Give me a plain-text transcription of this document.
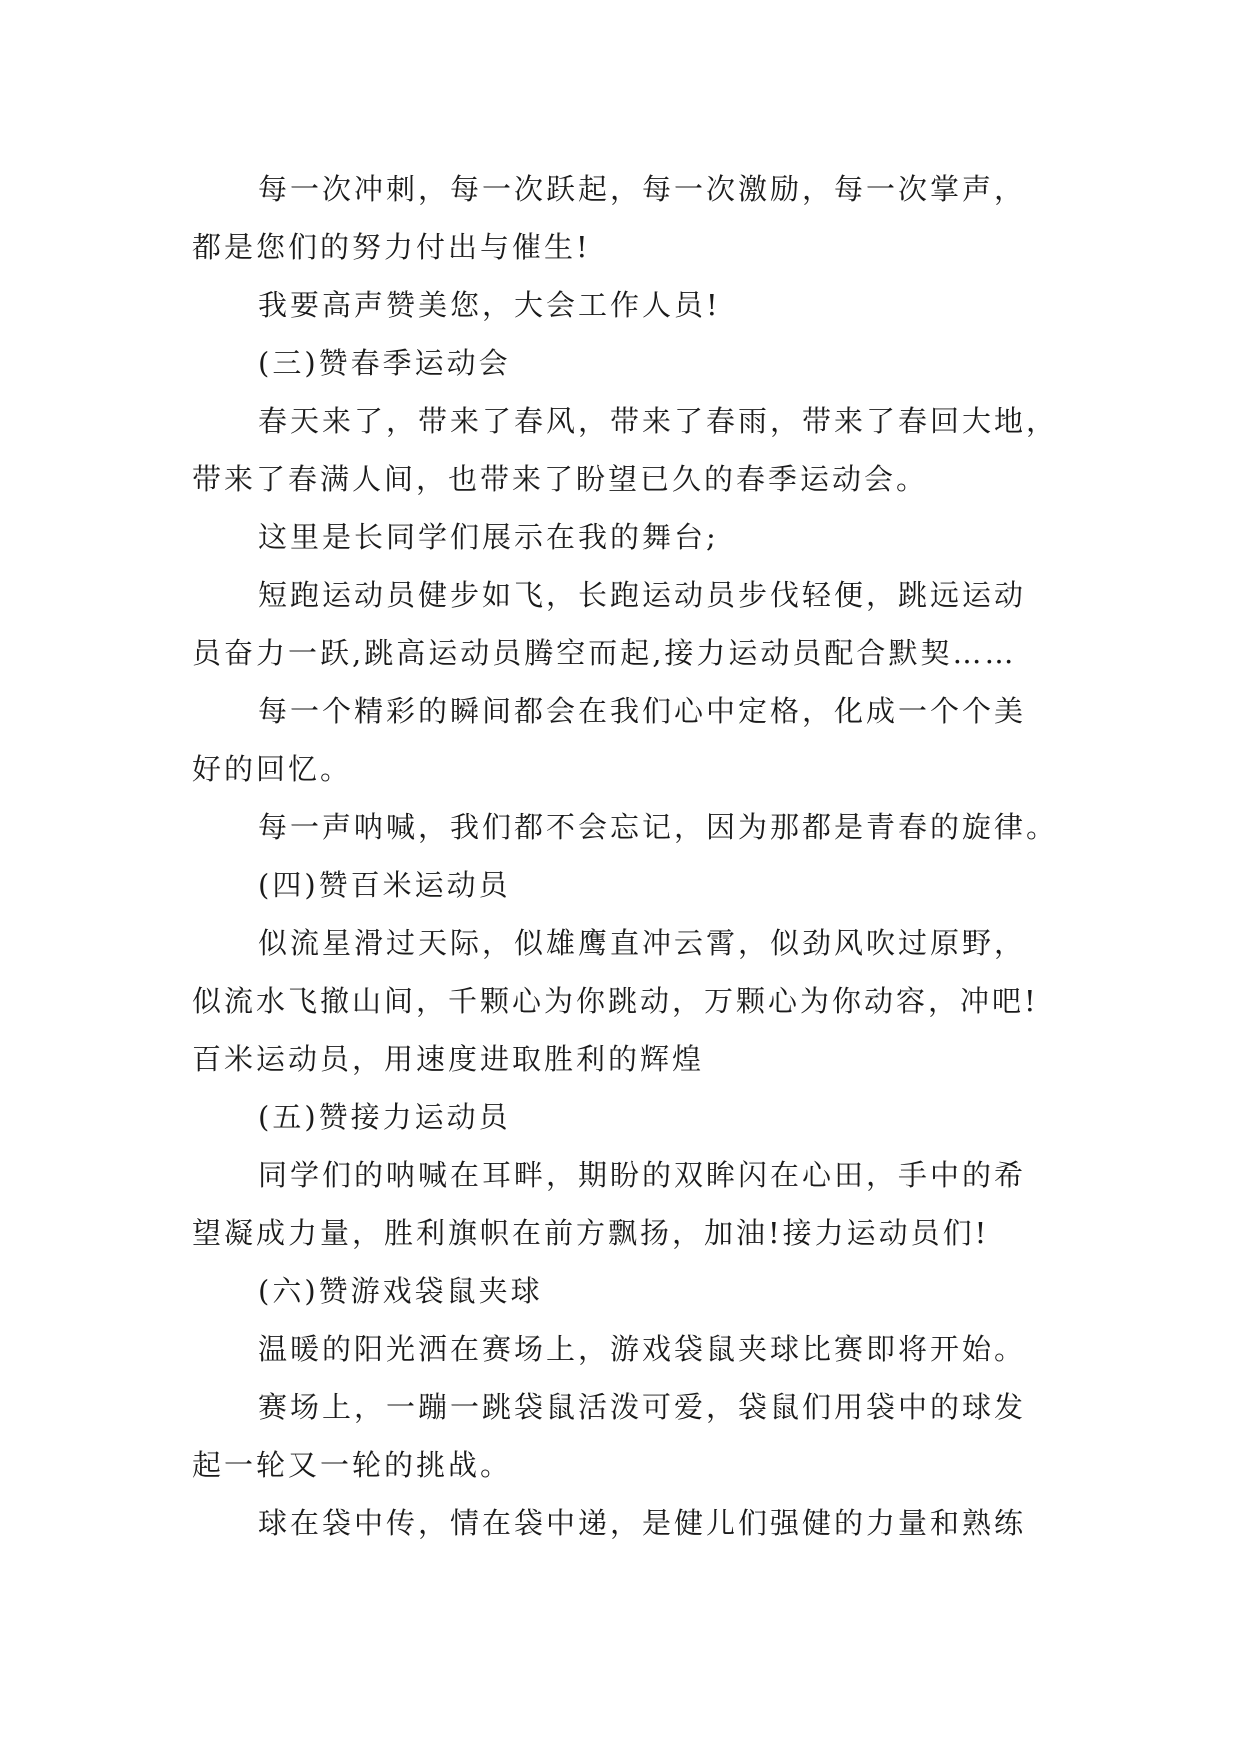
每一次冲刺，每一次跃起，每一次激励，每一次掌声，
都是您们的努力付出与催生!

我要高声赞美您，大会工作人员!

(三)赞春季运动会

春天来了，带来了春风，带来了春雨，带来了春回大地，
带来了春满人间，也带来了盼望已久的春季运动会。

这里是长同学们展示在我的舞台;

短跑运动员健步如飞，长跑运动员步伐轻便，跳远运动
员奋力一跃,跳高运动员腾空而起,接力运动员配合默契……

每一个精彩的瞬间都会在我们心中定格，化成一个个美
好的回忆。

每一声呐喊，我们都不会忘记，因为那都是青春的旋律。

(四)赞百米运动员

似流星滑过天际，似雄鹰直冲云霄，似劲风吹过原野，
似流水飞撤山间，千颗心为你跳动，万颗心为你动容，冲吧!
百米运动员，用速度进取胜利的辉煌

(五)赞接力运动员

同学们的呐喊在耳畔，期盼的双眸闪在心田，手中的希
望凝成力量，胜利旗帜在前方飘扬，加油!接力运动员们!

(六)赞游戏袋鼠夹球

温暖的阳光洒在赛场上，游戏袋鼠夹球比赛即将开始。

赛场上，一蹦一跳袋鼠活泼可爱，袋鼠们用袋中的球发
起一轮又一轮的挑战。

球在袋中传，情在袋中递，是健儿们强健的力量和熟练
